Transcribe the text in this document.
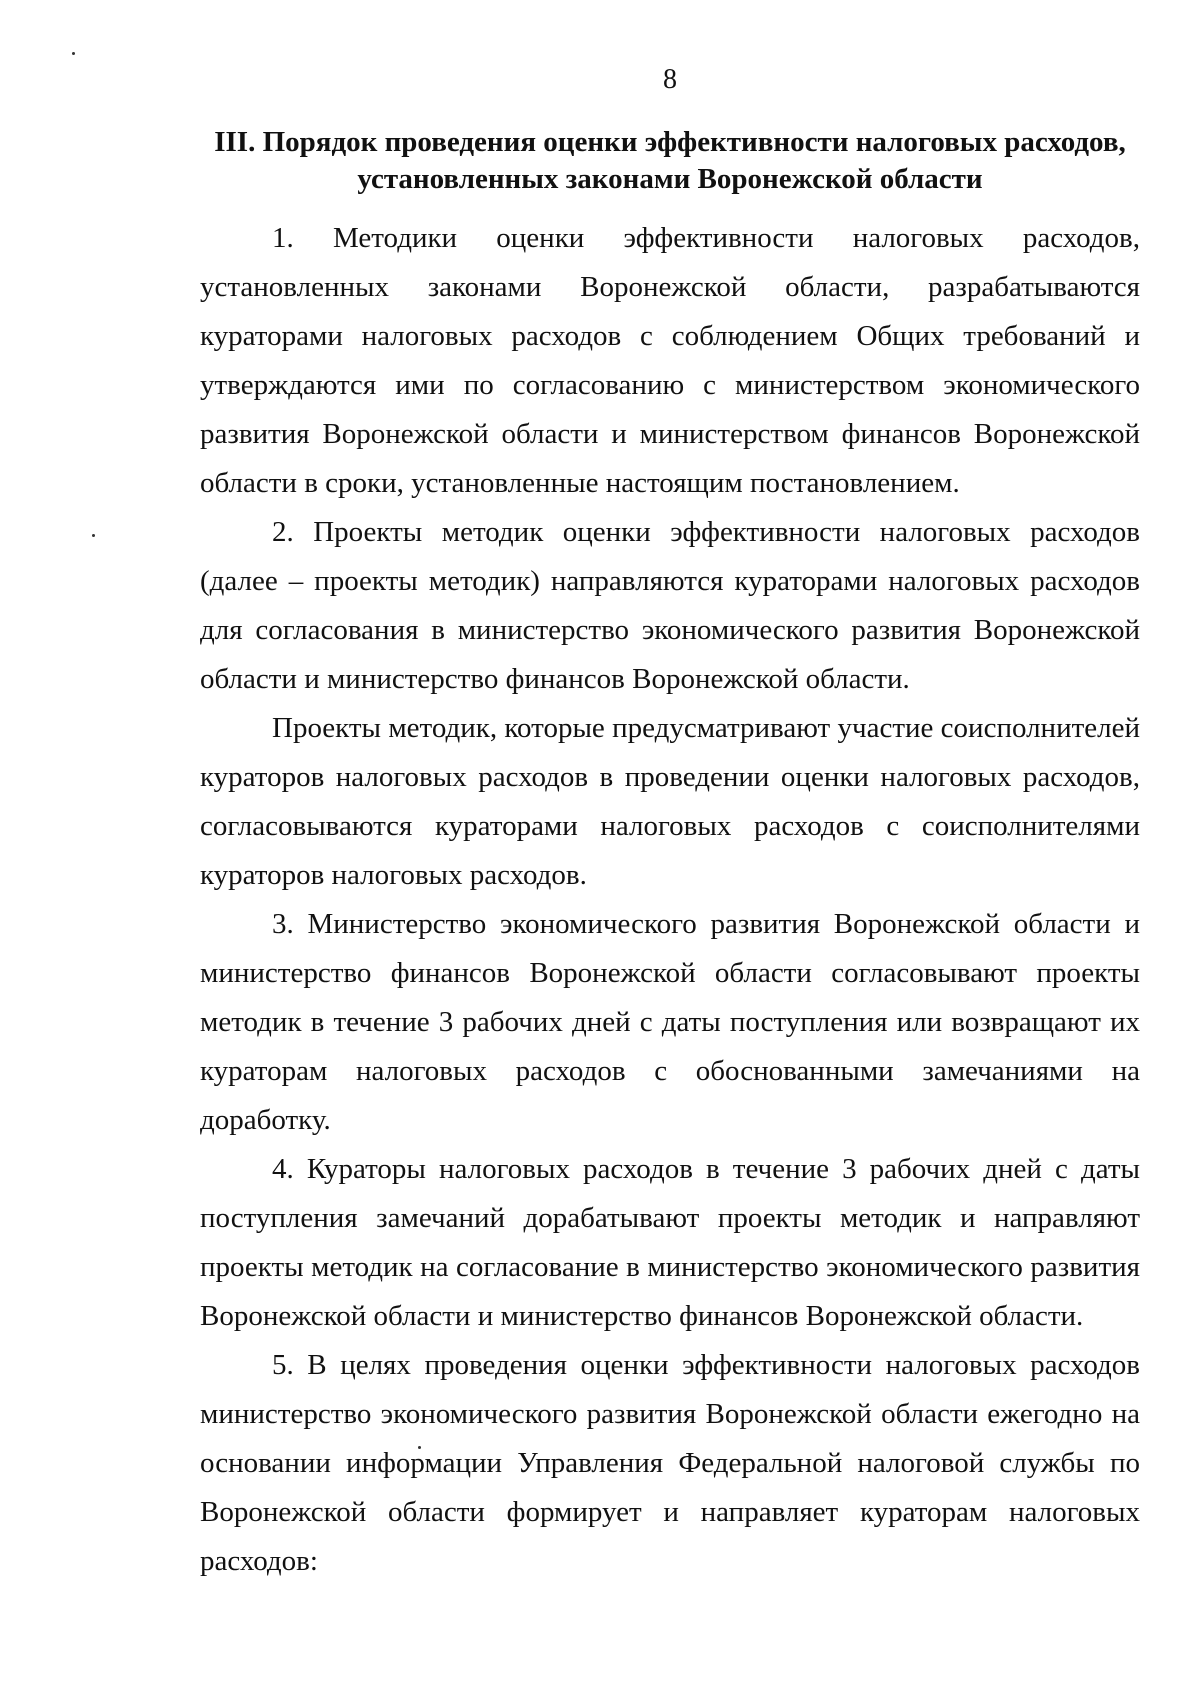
8
III. Порядок проведения оценки эффективности налоговых расходов,
установленных законами Воронежской области

1. Методики оценки эффективности налоговых расходов, установленных законами Воронежской области, разрабатываются кураторами налоговых расходов с соблюдением Общих требований и утверждаются ими по согласованию с министерством экономического развития Воронежской области и министерством финансов Воронежской области в сроки, установленные настоящим постановлением.

2. Проекты методик оценки эффективности налоговых расходов (далее – проекты методик) направляются кураторами налоговых расходов для согласования в министерство экономического развития Воронежской области и министерство финансов Воронежской области.

Проекты методик, которые предусматривают участие соисполнителей кураторов налоговых расходов в проведении оценки налоговых расходов, согласовываются кураторами налоговых расходов с соисполнителями кураторов налоговых расходов.

3. Министерство экономического развития Воронежской области и министерство финансов Воронежской области согласовывают проекты методик в течение 3 рабочих дней с даты поступления или возвращают их кураторам налоговых расходов с обоснованными замечаниями на доработку.

4. Кураторы налоговых расходов в течение 3 рабочих дней с даты поступления замечаний дорабатывают проекты методик и направляют проекты методик на согласование в министерство экономического развития Воронежской области и министерство финансов Воронежской области.

5. В целях проведения оценки эффективности налоговых расходов министерство экономического развития Воронежской области ежегодно на основании информации Управления Федеральной налоговой службы по Воронежской области формирует и направляет кураторам налоговых расходов:
